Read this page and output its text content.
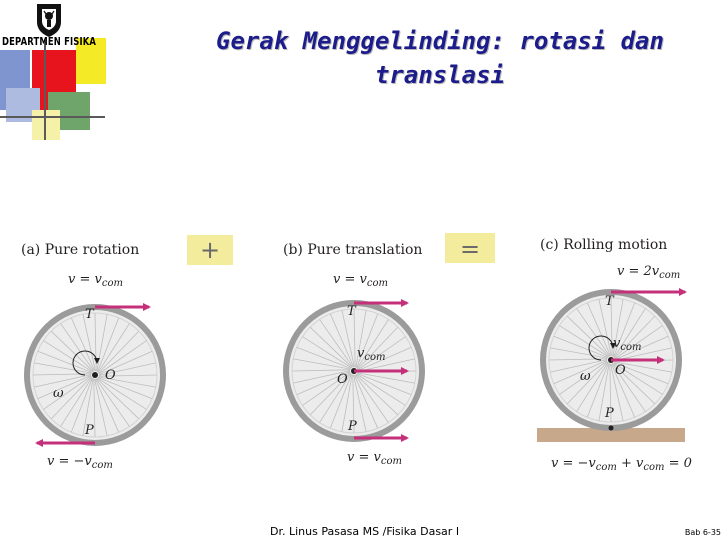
DEPARTMEN FISIKA	Gerak Menggelinding: rotasi dan
translasi
+	=
(a) Pure rotation
$v = v_{com}$
T
O
P
ω
$v = -v_{com}$
(b) Pure translation
$v = v_{com}$
T
$v_{com}$
O
P
$v = v_{com}$
(c) Rolling motion
$v = 2v_{com}$
T
$v_{com}$
O
ω
P
$v = -v_{com} + v_{com} = 0$
Dr. Linus Pasasa MS /Fisika Dasar I	Bab 6-35
